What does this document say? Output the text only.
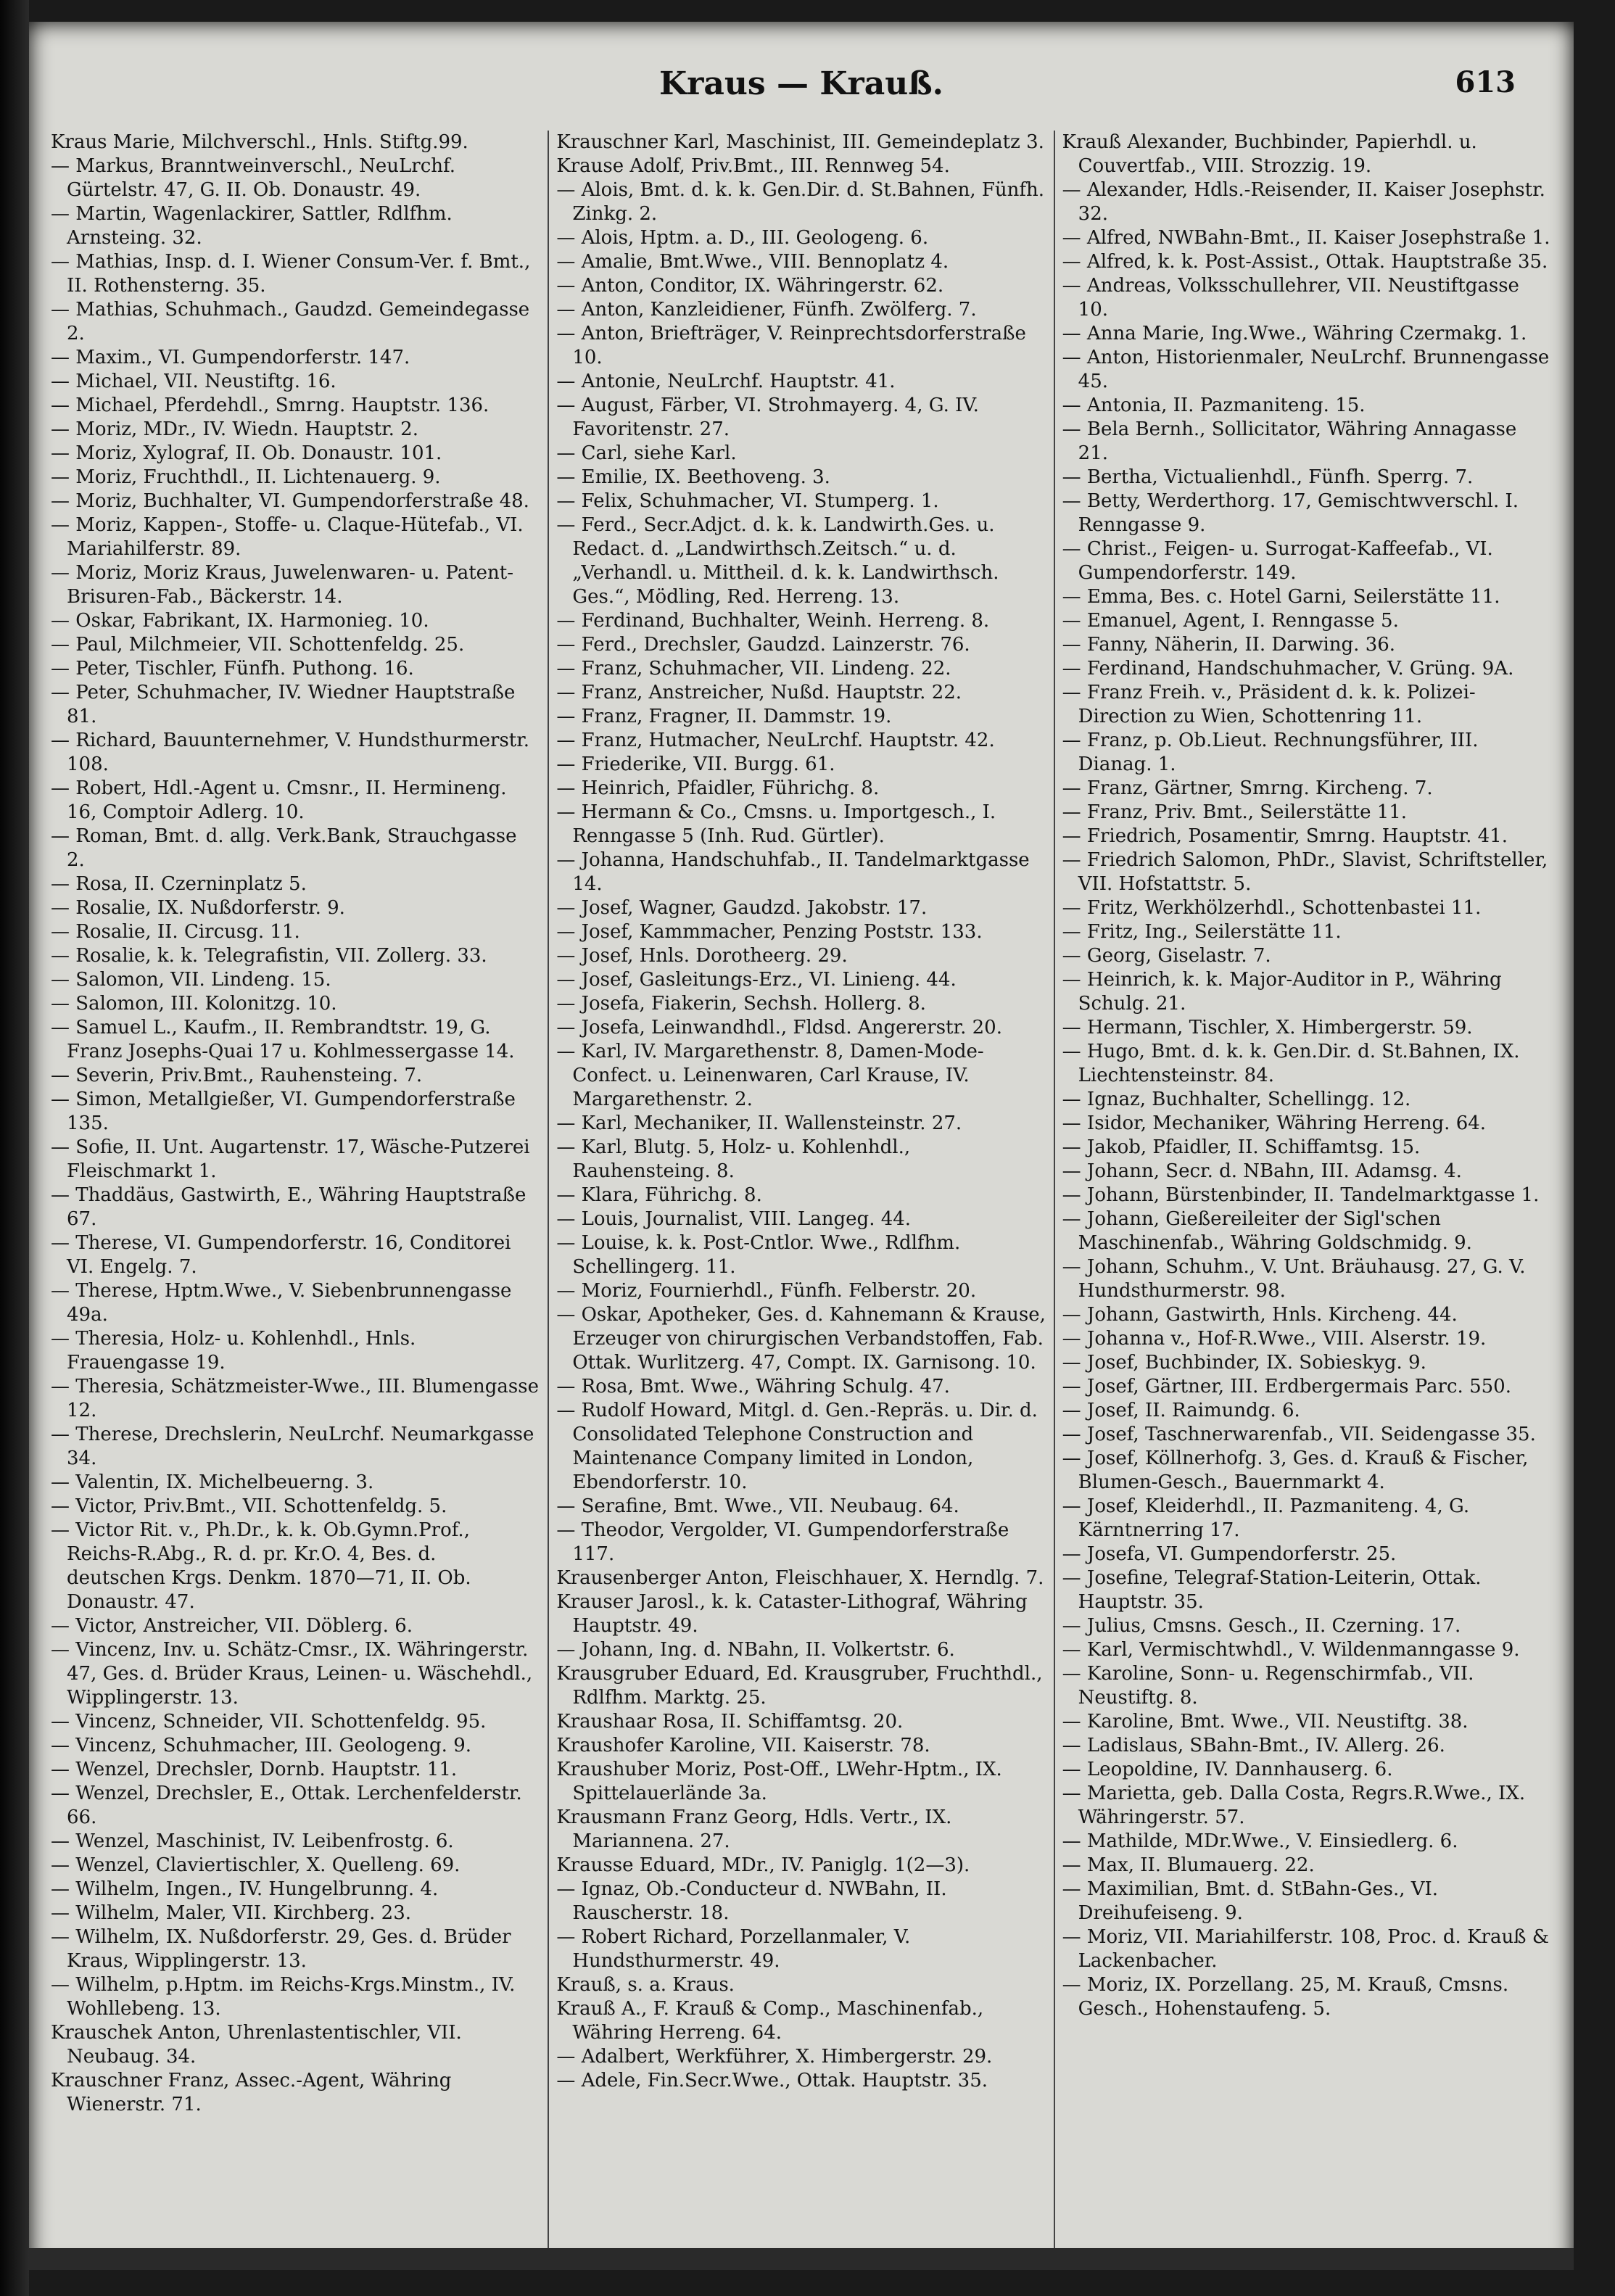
Kraus — Krauß.	613

Kraus Marie, Milchverschl., Hnls. Stiftg.99.

— Markus, Branntweinverschl., NeuLrchf. Gürtelstr. 47, G. II. Ob. Donaustr. 49.

— Martin, Wagenlackirer, Sattler, Rdlfhm. Arnsteing. 32.

— Mathias, Insp. d. I. Wiener Consum-Ver. f. Bmt., II. Rothensterng. 35.

— Mathias, Schuhmach., Gaudzd. Gemeindegasse 2.

— Maxim., VI. Gumpendorferstr. 147.

— Michael, VII. Neustiftg. 16.

— Michael, Pferdehdl., Smrng. Hauptstr. 136.

— Moriz, MDr., IV. Wiedn. Hauptstr. 2.

— Moriz, Xylograf, II. Ob. Donaustr. 101.

— Moriz, Fruchthdl., II. Lichtenauerg. 9.

— Moriz, Buchhalter, VI. Gumpendorferstraße 48.

— Moriz, Kappen-, Stoffe- u. Claque-Hütefab., VI. Mariahilferstr. 89.

— Moriz, Moriz Kraus, Juwelenwaren- u. Patent-Brisuren-Fab., Bäckerstr. 14.

— Oskar, Fabrikant, IX. Harmonieg. 10.

— Paul, Milchmeier, VII. Schottenfeldg. 25.

— Peter, Tischler, Fünfh. Puthong. 16.

— Peter, Schuhmacher, IV. Wiedner Hauptstraße 81.

— Richard, Bauunternehmer, V. Hundsthurmerstr. 108.

— Robert, Hdl.-Agent u. Cmsnr., II. Hermineng. 16, Comptoir Adlerg. 10.

— Roman, Bmt. d. allg. Verk.Bank, Strauchgasse 2.

— Rosa, II. Czerninplatz 5.

— Rosalie, IX. Nußdorferstr. 9.

— Rosalie, II. Circusg. 11.

— Rosalie, k. k. Telegrafistin, VII. Zollerg. 33.

— Salomon, VII. Lindeng. 15.

— Salomon, III. Kolonitzg. 10.

— Samuel L., Kaufm., II. Rembrandtstr. 19, G. Franz Josephs-Quai 17 u. Kohlmessergasse 14.

— Severin, Priv.Bmt., Rauhensteing. 7.

— Simon, Metallgießer, VI. Gumpendorferstraße 135.

— Sofie, II. Unt. Augartenstr. 17, Wäsche-Putzerei Fleischmarkt 1.

— Thaddäus, Gastwirth, E., Währing Hauptstraße 67.

— Therese, VI. Gumpendorferstr. 16, Conditorei VI. Engelg. 7.

— Therese, Hptm.Wwe., V. Siebenbrunnengasse 49a.

— Theresia, Holz- u. Kohlenhdl., Hnls. Frauengasse 19.

— Theresia, Schätzmeister-Wwe., III. Blumengasse 12.

— Therese, Drechslerin, NeuLrchf. Neumarkgasse 34.

— Valentin, IX. Michelbeuerng. 3.

— Victor, Priv.Bmt., VII. Schottenfeldg. 5.

— Victor Rit. v., Ph.Dr., k. k. Ob.Gymn.Prof., Reichs-R.Abg., R. d. pr. Kr.O. 4, Bes. d. deutschen Krgs. Denkm. 1870—71, II. Ob. Donaustr. 47.

— Victor, Anstreicher, VII. Döblerg. 6.

— Vincenz, Inv. u. Schätz-Cmsr., IX. Währingerstr. 47, Ges. d. Brüder Kraus, Leinen- u. Wäschehdl., Wipplingerstr. 13.

— Vincenz, Schneider, VII. Schottenfeldg. 95.

— Vincenz, Schuhmacher, III. Geologeng. 9.

— Wenzel, Drechsler, Dornb. Hauptstr. 11.

— Wenzel, Drechsler, E., Ottak. Lerchenfelderstr. 66.

— Wenzel, Maschinist, IV. Leibenfrostg. 6.

— Wenzel, Claviertischler, X. Quelleng. 69.

— Wilhelm, Ingen., IV. Hungelbrunng. 4.

— Wilhelm, Maler, VII. Kirchberg. 23.

— Wilhelm, IX. Nußdorferstr. 29, Ges. d. Brüder Kraus, Wipplingerstr. 13.

— Wilhelm, p.Hptm. im Reichs-Krgs.Minstm., IV. Wohllebeng. 13.

Krauschek Anton, Uhrenlastentischler, VII. Neubaug. 34.

Krauschner Franz, Assec.-Agent, Währing Wienerstr. 71.

Krauschner Karl, Maschinist, III. Gemeindeplatz 3.

Krause Adolf, Priv.Bmt., III. Rennweg 54.

— Alois, Bmt. d. k. k. Gen.Dir. d. St.Bahnen, Fünfh. Zinkg. 2.

— Alois, Hptm. a. D., III. Geologeng. 6.

— Amalie, Bmt.Wwe., VIII. Bennoplatz 4.

— Anton, Conditor, IX. Währingerstr. 62.

— Anton, Kanzleidiener, Fünfh. Zwölferg. 7.

— Anton, Briefträger, V. Reinprechtsdorferstraße 10.

— Antonie, NeuLrchf. Hauptstr. 41.

— August, Färber, VI. Strohmayerg. 4, G. IV. Favoritenstr. 27.

— Carl, siehe Karl.

— Emilie, IX. Beethoveng. 3.

— Felix, Schuhmacher, VI. Stumperg. 1.

— Ferd., Secr.Adjct. d. k. k. Landwirth.Ges. u. Redact. d. „Landwirthsch.Zeitsch.“ u. d. „Verhandl. u. Mittheil. d. k. k. Landwirthsch. Ges.“, Mödling, Red. Herreng. 13.

— Ferdinand, Buchhalter, Weinh. Herreng. 8.

— Ferd., Drechsler, Gaudzd. Lainzerstr. 76.

— Franz, Schuhmacher, VII. Lindeng. 22.

— Franz, Anstreicher, Nußd. Hauptstr. 22.

— Franz, Fragner, II. Dammstr. 19.

— Franz, Hutmacher, NeuLrchf. Hauptstr. 42.

— Friederike, VII. Burgg. 61.

— Heinrich, Pfaidler, Führichg. 8.

— Hermann & Co., Cmsns. u. Importgesch., I. Renngasse 5 (Inh. Rud. Gürtler).

— Johanna, Handschuhfab., II. Tandelmarktgasse 14.

— Josef, Wagner, Gaudzd. Jakobstr. 17.

— Josef, Kammmacher, Penzing Poststr. 133.

— Josef, Hnls. Dorotheerg. 29.

— Josef, Gasleitungs-Erz., VI. Linieng. 44.

— Josefa, Fiakerin, Sechsh. Hollerg. 8.

— Josefa, Leinwandhdl., Fldsd. Angererstr. 20.

— Karl, IV. Margarethenstr. 8, Damen-Mode-Confect. u. Leinenwaren, Carl Krause, IV. Margarethenstr. 2.

— Karl, Mechaniker, II. Wallensteinstr. 27.

— Karl, Blutg. 5, Holz- u. Kohlenhdl., Rauhensteing. 8.

— Klara, Führichg. 8.

— Louis, Journalist, VIII. Langeg. 44.

— Louise, k. k. Post-Cntlor. Wwe., Rdlfhm. Schellingerg. 11.

— Moriz, Fournierhdl., Fünfh. Felberstr. 20.

— Oskar, Apotheker, Ges. d. Kahnemann & Krause, Erzeuger von chirurgischen Verbandstoffen, Fab. Ottak. Wurlitzerg. 47, Compt. IX. Garnisong. 10.

— Rosa, Bmt. Wwe., Währing Schulg. 47.

— Rudolf Howard, Mitgl. d. Gen.-Repräs. u. Dir. d. Consolidated Telephone Construction and Maintenance Company limited in London, Ebendorferstr. 10.

— Serafine, Bmt. Wwe., VII. Neubaug. 64.

— Theodor, Vergolder, VI. Gumpendorferstraße 117.

Krausenberger Anton, Fleischhauer, X. Herndlg. 7.

Krauser Jarosl., k. k. Cataster-Lithograf, Währing Hauptstr. 49.

— Johann, Ing. d. NBahn, II. Volkertstr. 6.

Krausgruber Eduard, Ed. Krausgruber, Fruchthdl., Rdlfhm. Marktg. 25.

Kraushaar Rosa, II. Schiffamtsg. 20.

Kraushofer Karoline, VII. Kaiserstr. 78.

Kraushuber Moriz, Post-Off., LWehr-Hptm., IX. Spittelauerlände 3a.

Krausmann Franz Georg, Hdls. Vertr., IX. Mariannena. 27.

Krausse Eduard, MDr., IV. Paniglg. 1(2—3).

— Ignaz, Ob.-Conducteur d. NWBahn, II. Rauscherstr. 18.

— Robert Richard, Porzellanmaler, V. Hundsthurmerstr. 49.

Krauß, s. a. Kraus.

Krauß A., F. Krauß & Comp., Maschinenfab., Währing Herreng. 64.

— Adalbert, Werkführer, X. Himbergerstr. 29.

— Adele, Fin.Secr.Wwe., Ottak. Hauptstr. 35.

Krauß Alexander, Buchbinder, Papierhdl. u. Couvertfab., VIII. Strozzig. 19.

— Alexander, Hdls.-Reisender, II. Kaiser Josephstr. 32.

— Alfred, NWBahn-Bmt., II. Kaiser Josephstraße 1.

— Alfred, k. k. Post-Assist., Ottak. Hauptstraße 35.

— Andreas, Volksschullehrer, VII. Neustiftgasse 10.

— Anna Marie, Ing.Wwe., Währing Czermakg. 1.

— Anton, Historienmaler, NeuLrchf. Brunnengasse 45.

— Antonia, II. Pazmaniteng. 15.

— Bela Bernh., Sollicitator, Währing Annagasse 21.

— Bertha, Victualienhdl., Fünfh. Sperrg. 7.

— Betty, Werderthorg. 17, Gemischtwverschl. I. Renngasse 9.

— Christ., Feigen- u. Surrogat-Kaffeefab., VI. Gumpendorferstr. 149.

— Emma, Bes. c. Hotel Garni, Seilerstätte 11.

— Emanuel, Agent, I. Renngasse 5.

— Fanny, Näherin, II. Darwing. 36.

— Ferdinand, Handschuhmacher, V. Grüng. 9A.

— Franz Freih. v., Präsident d. k. k. Polizei-Direction zu Wien, Schottenring 11.

— Franz, p. Ob.Lieut. Rechnungsführer, III. Dianag. 1.

— Franz, Gärtner, Smrng. Kircheng. 7.

— Franz, Priv. Bmt., Seilerstätte 11.

— Friedrich, Posamentir, Smrng. Hauptstr. 41.

— Friedrich Salomon, PhDr., Slavist, Schriftsteller, VII. Hofstattstr. 5.

— Fritz, Werkhölzerhdl., Schottenbastei 11.

— Fritz, Ing., Seilerstätte 11.

— Georg, Giselastr. 7.

— Heinrich, k. k. Major-Auditor in P., Währing Schulg. 21.

— Hermann, Tischler, X. Himbergerstr. 59.

— Hugo, Bmt. d. k. k. Gen.Dir. d. St.Bahnen, IX. Liechtensteinstr. 84.

— Ignaz, Buchhalter, Schellingg. 12.

— Isidor, Mechaniker, Währing Herreng. 64.

— Jakob, Pfaidler, II. Schiffamtsg. 15.

— Johann, Secr. d. NBahn, III. Adamsg. 4.

— Johann, Bürstenbinder, II. Tandelmarktgasse 1.

— Johann, Gießereileiter der Sigl'schen Maschinenfab., Währing Goldschmidg. 9.

— Johann, Schuhm., V. Unt. Bräuhausg. 27, G. V. Hundsthurmerstr. 98.

— Johann, Gastwirth, Hnls. Kircheng. 44.

— Johanna v., Hof-R.Wwe., VIII. Alserstr. 19.

— Josef, Buchbinder, IX. Sobieskyg. 9.

— Josef, Gärtner, III. Erdbergermais Parc. 550.

— Josef, II. Raimundg. 6.

— Josef, Taschnerwarenfab., VII. Seidengasse 35.

— Josef, Köllnerhofg. 3, Ges. d. Krauß & Fischer, Blumen-Gesch., Bauernmarkt 4.

— Josef, Kleiderhdl., II. Pazmaniteng. 4, G. Kärntnerring 17.

— Josefa, VI. Gumpendorferstr. 25.

— Josefine, Telegraf-Station-Leiterin, Ottak. Hauptstr. 35.

— Julius, Cmsns. Gesch., II. Czerning. 17.

— Karl, Vermischtwhdl., V. Wildenmanngasse 9.

— Karoline, Sonn- u. Regenschirmfab., VII. Neustiftg. 8.

— Karoline, Bmt. Wwe., VII. Neustiftg. 38.

— Ladislaus, SBahn-Bmt., IV. Allerg. 26.

— Leopoldine, IV. Dannhauserg. 6.

— Marietta, geb. Dalla Costa, Regrs.R.Wwe., IX. Währingerstr. 57.

— Mathilde, MDr.Wwe., V. Einsiedlerg. 6.

— Max, II. Blumauerg. 22.

— Maximilian, Bmt. d. StBahn-Ges., VI. Dreihufeiseng. 9.

— Moriz, VII. Mariahilferstr. 108, Proc. d. Krauß & Lackenbacher.

— Moriz, IX. Porzellang. 25, M. Krauß, Cmsns. Gesch., Hohenstaufeng. 5.
